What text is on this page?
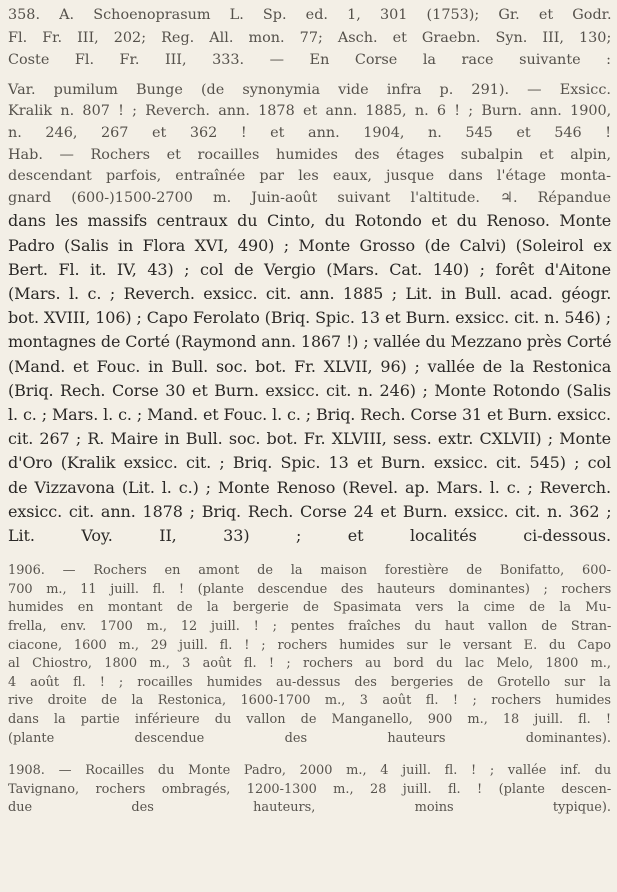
358. A. Schoenoprasum L. Sp. ed. 1, 301 (1753); Gr. et Godr.
Fl. Fr. III, 202; Reg. All. mon. 77; Asch. et Graebn. Syn. III, 130;
Coste Fl. Fr. III, 333. — En Corse la race suivante :
Var. pumilum Bunge (de synonymia vide infra p. 291). — Exsicc.
Kralik n. 807 ! ; Reverch. ann. 1878 et ann. 1885, n. 6 ! ; Burn. ann. 1900,
n. 246, 267 et 362 ! et ann. 1904, n. 545 et 546 !
Hab. — Rochers et rocailles humides des étages subalpin et alpin,
descendant parfois, entraînée par les eaux, jusque dans l'étage monta-
gnard (600-)1500-2700 m. Juin-août suivant l'altitude. ♃. Répandue
dans les massifs centraux du Cinto, du Rotondo et du Renoso. Monte
Padro (Salis in Flora XVI, 490) ; Monte Grosso (de Calvi) (Soleirol ex
Bert. Fl. it. IV, 43) ; col de Vergio (Mars. Cat. 140) ; forêt d'Aitone
(Mars. l. c. ; Reverch. exsicc. cit. ann. 1885 ; Lit. in Bull. acad. géogr.
bot. XVIII, 106) ; Capo Ferolato (Briq. Spic. 13 et Burn. exsicc. cit. n. 546) ;
montagnes de Corté (Raymond ann. 1867 !) ; vallée du Mezzano près Corté
(Mand. et Fouc. in Bull. soc. bot. Fr. XLVII, 96) ; vallée de la Restonica
(Briq. Rech. Corse 30 et Burn. exsicc. cit. n. 246) ; Monte Rotondo (Salis
l. c. ; Mars. l. c. ; Mand. et Fouc. l. c. ; Briq. Rech. Corse 31 et Burn. exsicc.
cit. 267 ; R. Maire in Bull. soc. bot. Fr. XLVIII, sess. extr. CXLVII) ; Monte
d'Oro (Kralik exsicc. cit. ; Briq. Spic. 13 et Burn. exsicc. cit. 545) ; col
de Vizzavona (Lit. l. c.) ; Monte Renoso (Revel. ap. Mars. l. c. ; Reverch.
exsicc. cit. ann. 1878 ; Briq. Rech. Corse 24 et Burn. exsicc. cit. n. 362 ;
Lit. Voy. II, 33) ; et localités ci-dessous.
1906. — Rochers en amont de la maison forestière de Bonifatto, 600-
700 m., 11 juill. fl. ! (plante descendue des hauteurs dominantes) ; rochers
humides en montant de la bergerie de Spasimata vers la cime de la Mu-
frella, env. 1700 m., 12 juill. ! ; pentes fraîches du haut vallon de Stran-
ciacone, 1600 m., 29 juill. fl. ! ; rochers humides sur le versant E. du Capo
al Chiostro, 1800 m., 3 août fl. ! ; rochers au bord du lac Melo, 1800 m.,
4 août fl. ! ; rocailles humides au-dessus des bergeries de Grotello sur la
rive droite de la Restonica, 1600-1700 m., 3 août fl. ! ; rochers humides
dans la partie inférieure du vallon de Manganello, 900 m., 18 juill. fl. !
(plante descendue des hauteurs dominantes).
1908. — Rocailles du Monte Padro, 2000 m., 4 juill. fl. ! ; vallée inf. du
Tavignano, rochers ombragés, 1200-1300 m., 28 juill. fl. ! (plante descen-
due des hauteurs, moins typique).
